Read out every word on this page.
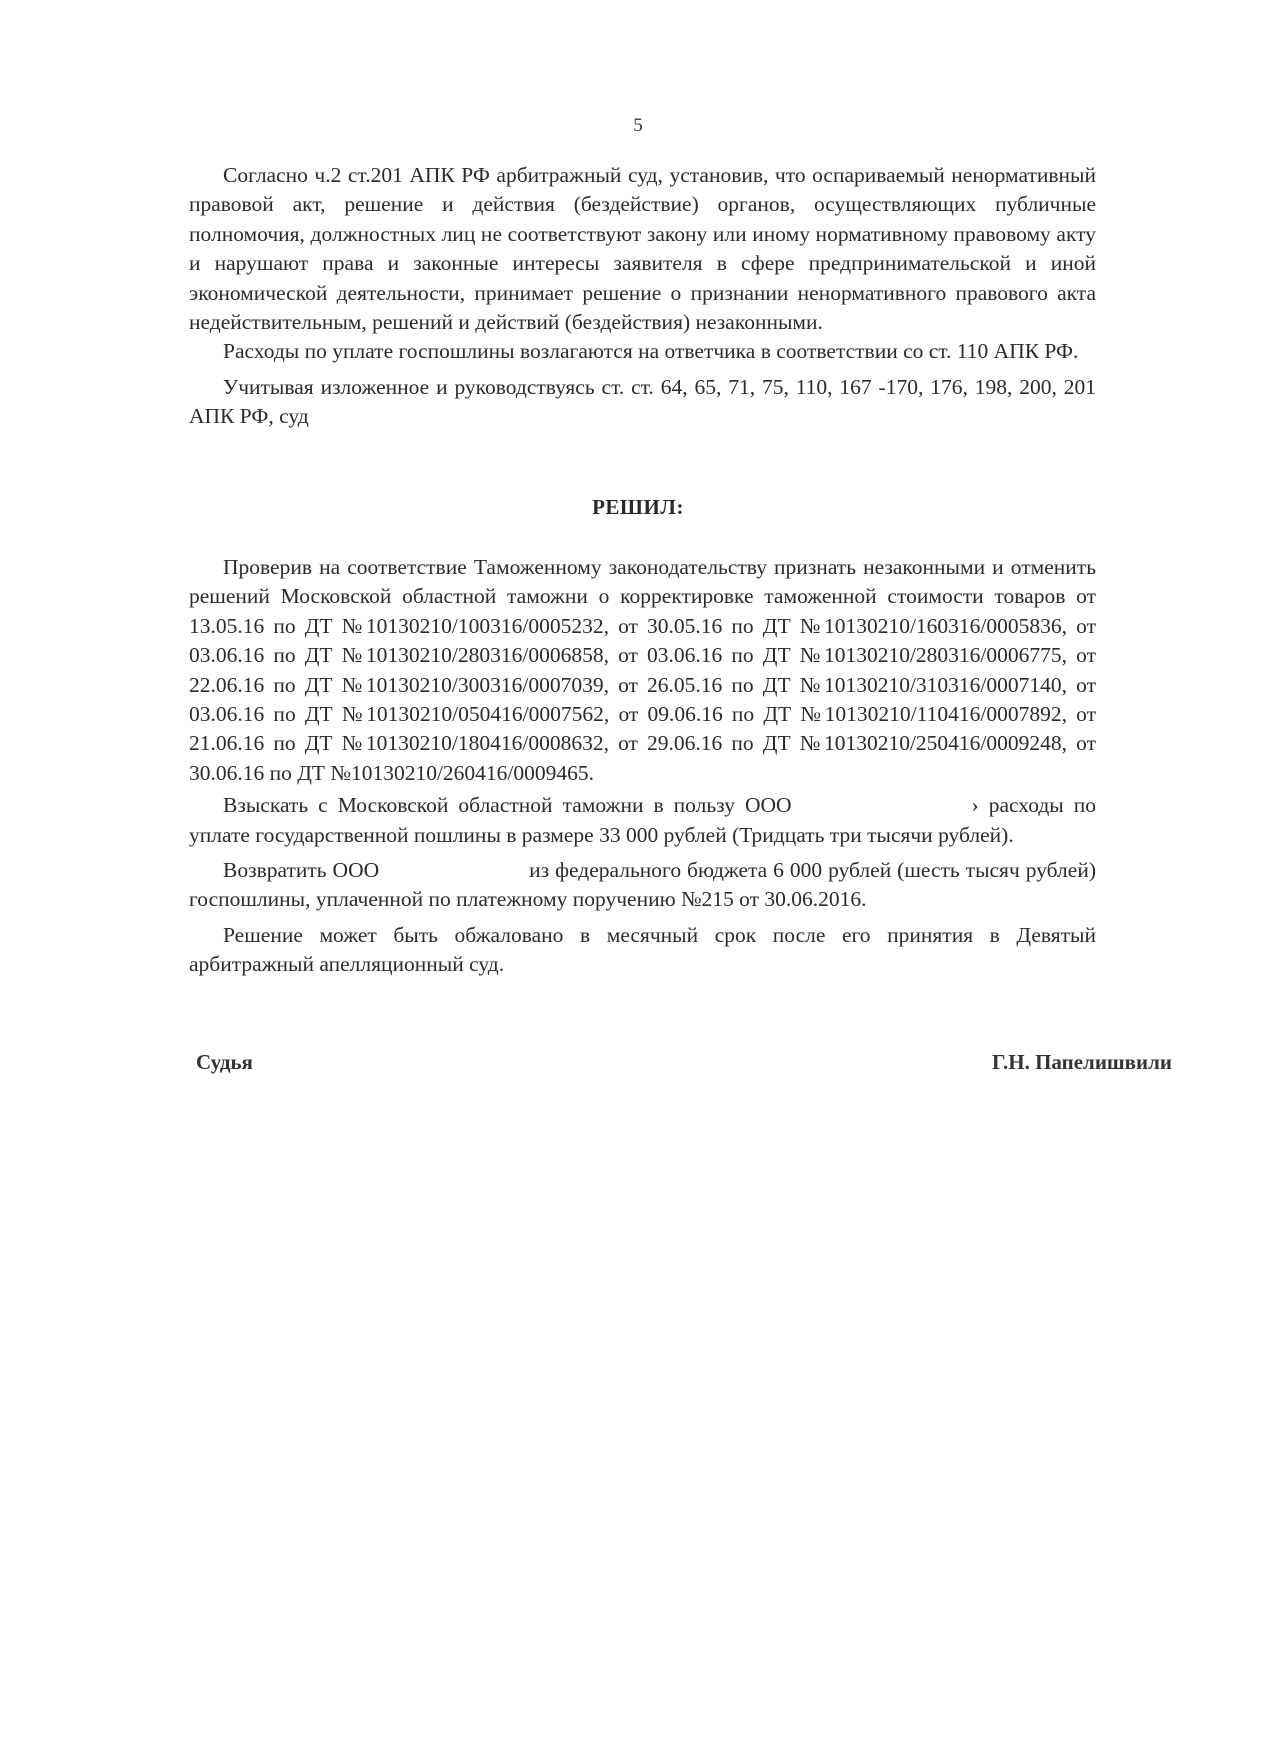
5

Согласно ч.2 ст.201 АПК РФ арбитражный суд, установив, что оспариваемый ненормативный правовой акт, решение и действия (бездействие) органов, осуществляющих публичные полномочия, должностных лиц не соответствуют закону или иному нормативному правовому акту и нарушают права и законные интересы заявителя в сфере предпринимательской и иной экономической деятельности, принимает решение о признании ненормативного правового акта недействительным, решений и действий (бездействия) незаконными.

Расходы по уплате госпошлины возлагаются на ответчика в соответствии со ст. 110 АПК РФ.

Учитывая изложенное и руководствуясь ст. ст. 64, 65, 71, 75, 110, 167 -170, 176, 198, 200, 201 АПК РФ, суд

РЕШИЛ:

Проверив на соответствие Таможенному законодательству признать незаконными и отменить решений Московской областной таможни о корректировке таможенной стоимости товаров от 13.05.16 по ДТ №10130210/100316/0005232, от 30.05.16 по ДТ №10130210/160316/0005836, от 03.06.16 по ДТ №10130210/280316/0006858, от 03.06.16 по ДТ №10130210/280316/0006775, от 22.06.16 по ДТ №10130210/300316/0007039, от 26.05.16 по ДТ №10130210/310316/0007140, от 03.06.16 по ДТ №10130210/050416/0007562, от 09.06.16 по ДТ №10130210/110416/0007892, от 21.06.16 по ДТ №10130210/180416/0008632, от 29.06.16 по ДТ №10130210/250416/0009248, от 30.06.16 по ДТ №10130210/260416/0009465.

Взыскать с Московской областной таможни в пользу ООО	› расходы по уплате государственной пошлины в размере 33 000 рублей (Тридцать три тысячи рублей).

Возвратить ООО	из федерального бюджета 6 000 рублей (шесть тысяч рублей) госпошлины, уплаченной по платежному поручению №215 от 30.06.2016.

Решение может быть обжаловано в месячный срок после его принятия в Девятый арбитражный апелляционный суд.

Судья	Г.Н. Папелишвили
